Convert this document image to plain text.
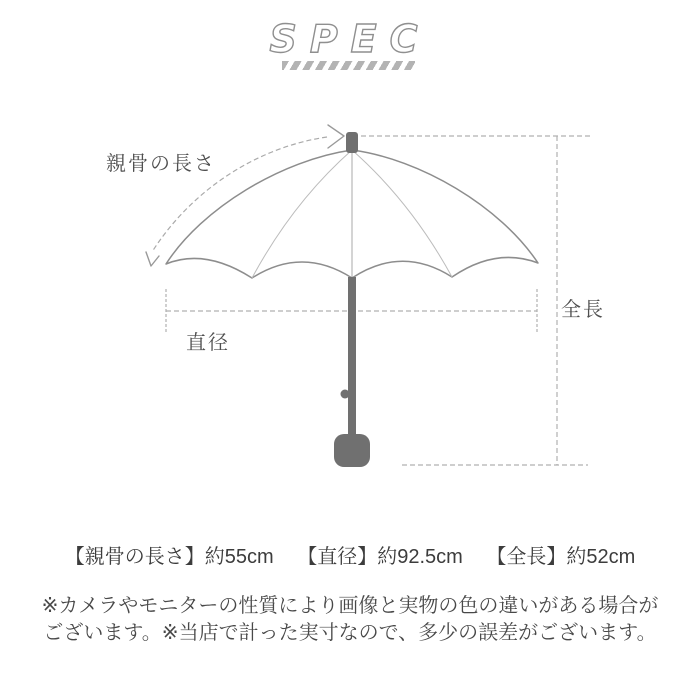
SPEC
親骨の長さ
直径
全長
【親骨の長さ】約55cm 【直径】約92.5cm 【全長】約52cm
※カメラやモニターの性質により画像と実物の色の違いがある場合が
ございます。※当店で計った実寸なので、多少の誤差がございます。
